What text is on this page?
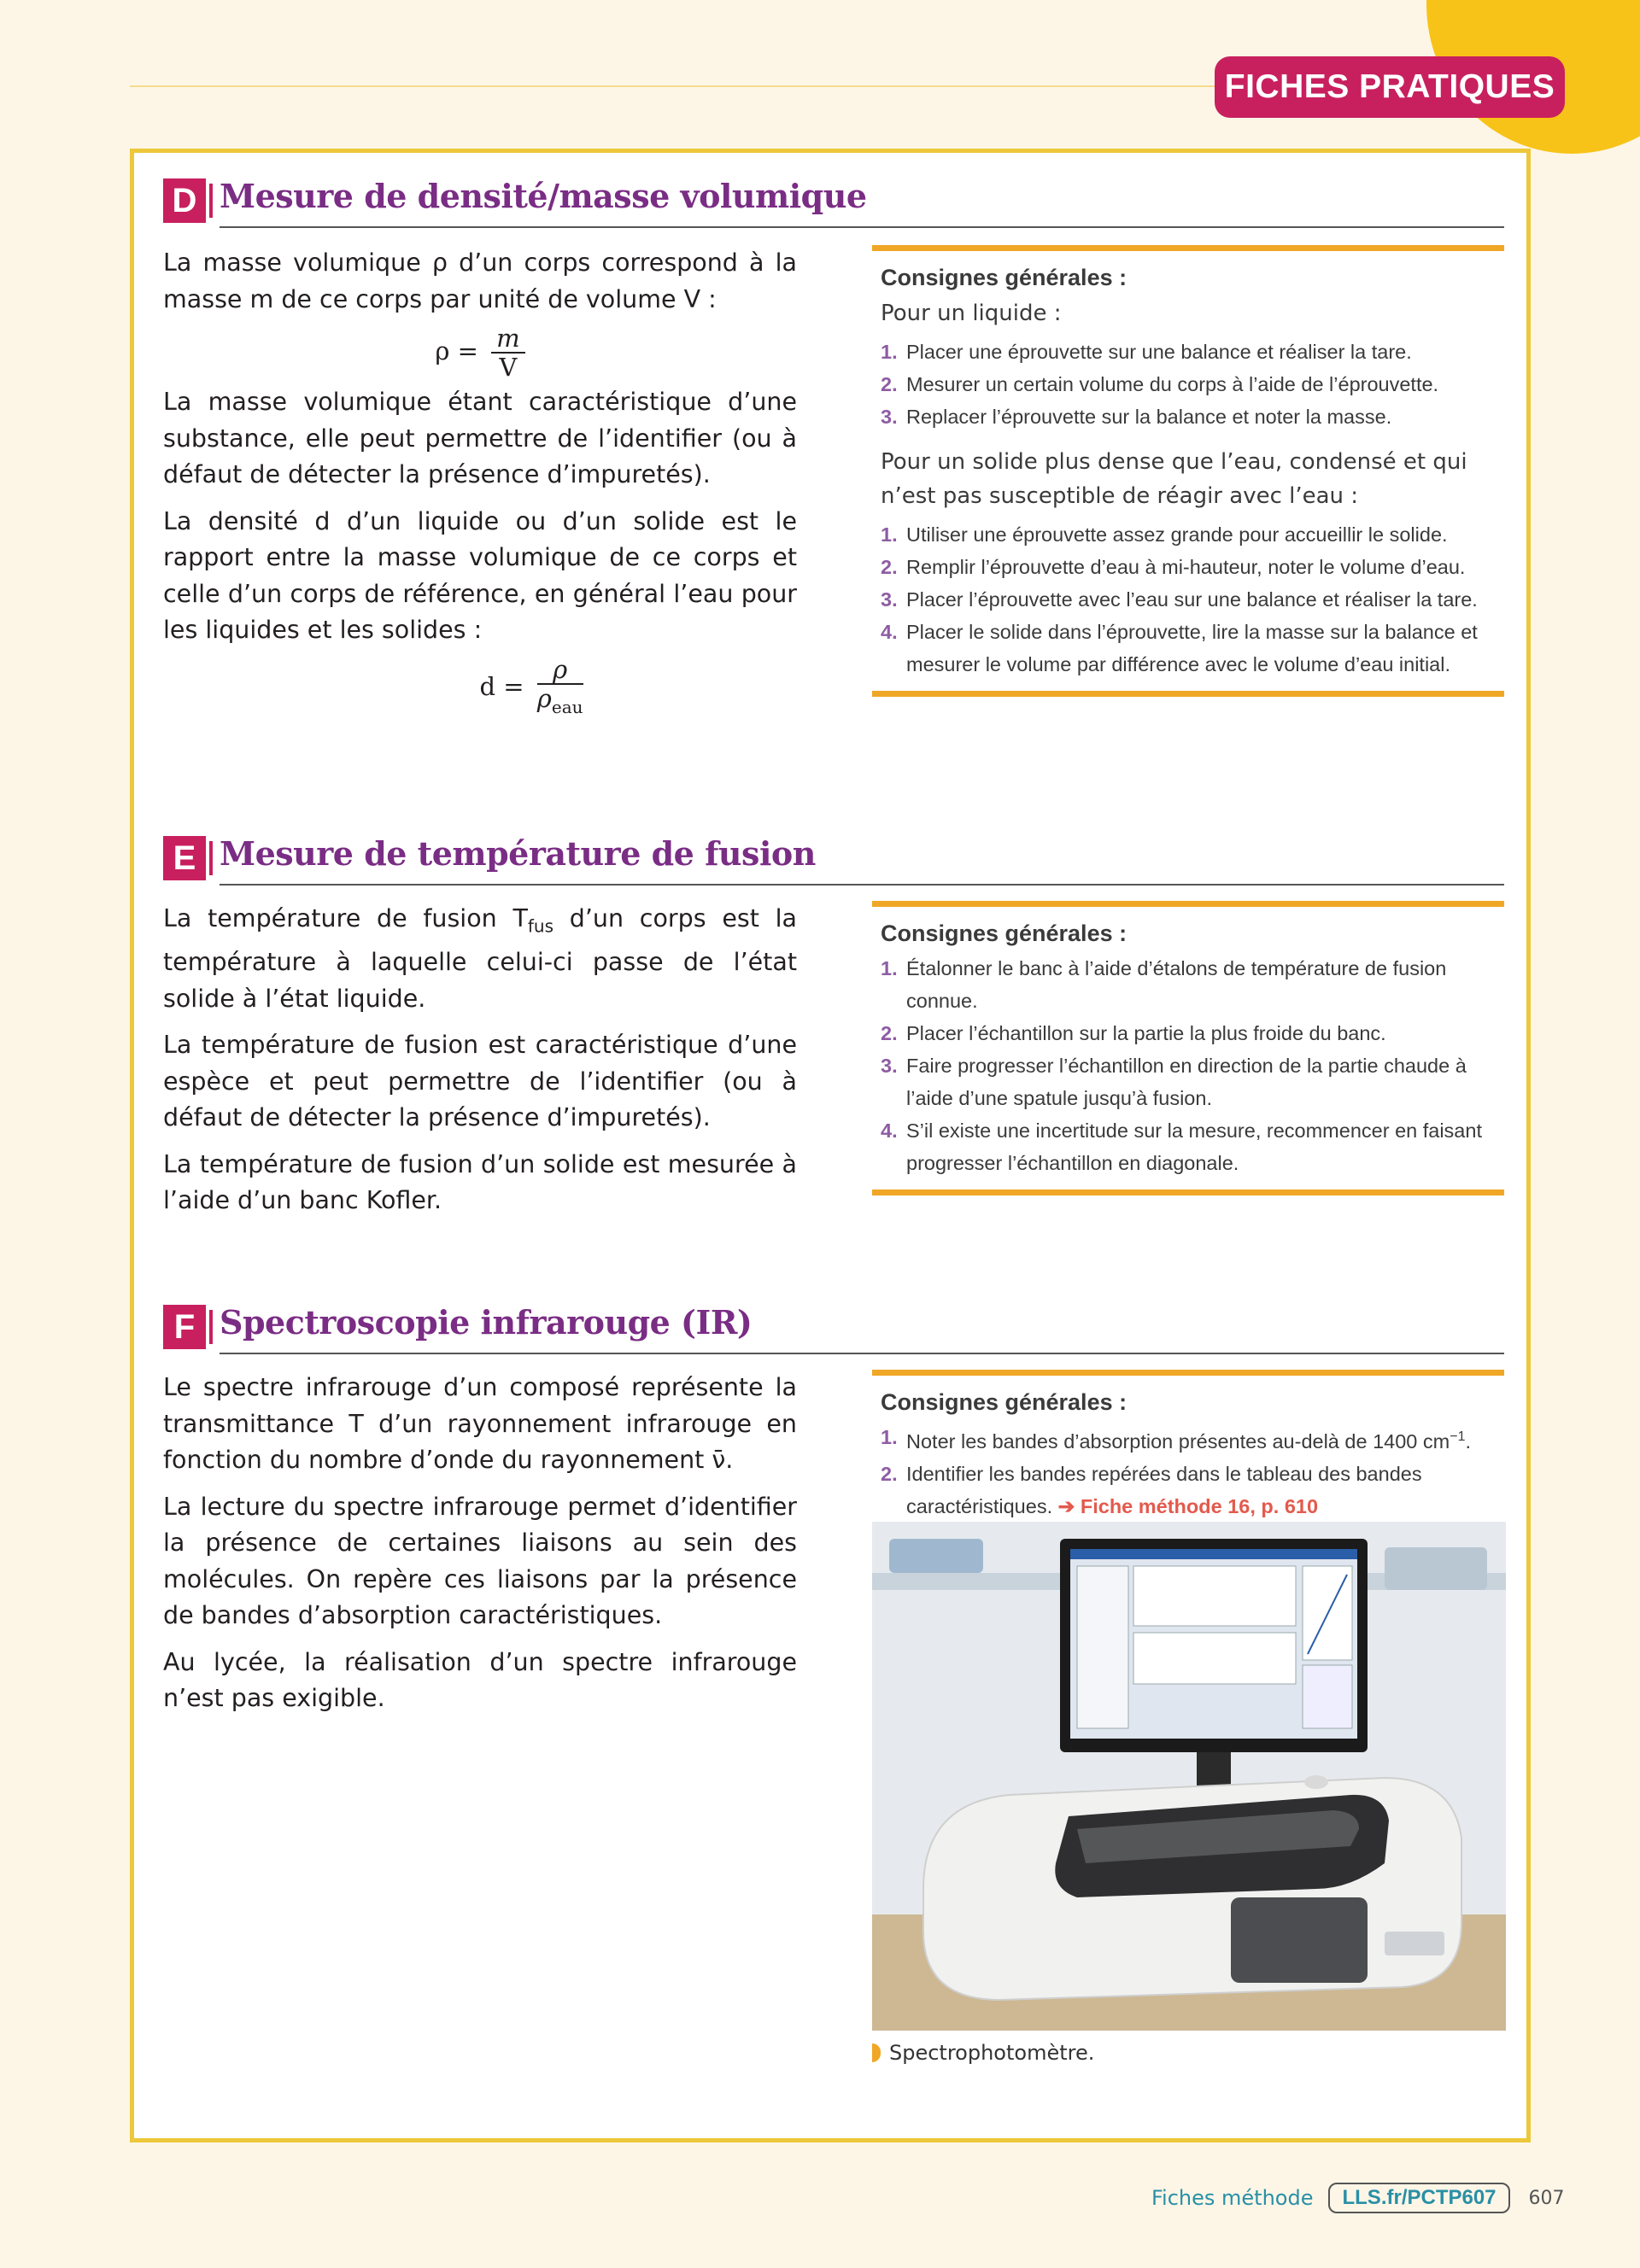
FICHES PRATIQUES
D Mesure de densité/masse volumique

La masse volumique ρ d’un corps correspond à la masse m de ce corps par unité de volume V :

$\rho = \frac{m}{V}$

La masse volumique étant caractéristique d’une substance, elle peut permettre de l’identifier (ou à défaut de détecter la présence d’impuretés).

La densité d d’un liquide ou d’un solide est le rapport entre la masse volumique de ce corps et celle d’un corps de référence, en général l’eau pour les liquides et les solides :

$d = \frac{\rho}{\rho_{eau}}$
Consignes générales :
Pour un liquide :
1. Placer une éprouvette sur une balance et réaliser la tare.
2. Mesurer un certain volume du corps à l’aide de l’éprouvette.
3. Replacer l’éprouvette sur la balance et noter la masse.
Pour un solide plus dense que l’eau, condensé et qui n’est pas susceptible de réagir avec l’eau :
1. Utiliser une éprouvette assez grande pour accueillir le solide.
2. Remplir l’éprouvette d’eau à mi-hauteur, noter le volume d’eau.
3. Placer l’éprouvette avec l’eau sur une balance et réaliser la tare.
4. Placer le solide dans l’éprouvette, lire la masse sur la balance et mesurer le volume par différence avec le volume d’eau initial.
E Mesure de température de fusion

La température de fusion $T_{fus}$ d’un corps est la température à laquelle celui-ci passe de l’état solide à l’état liquide.

La température de fusion est caractéristique d’une espèce et peut permettre de l’identifier (ou à défaut de détecter la présence d’impuretés).

La température de fusion d’un solide est mesurée à l’aide d’un banc Kofler.

Consignes générales :
1. Étalonner le banc à l’aide d’étalons de température de fusion connue.
2. Placer l’échantillon sur la partie la plus froide du banc.
3. Faire progresser l’échantillon en direction de la partie chaude à l’aide d’une spatule jusqu’à fusion.
4. S’il existe une incertitude sur la mesure, recommencer en faisant progresser l’échantillon en diagonale.
F Spectroscopie infrarouge (IR)

Le spectre infrarouge d’un composé représente la transmittance T d’un rayonnement infrarouge en fonction du nombre d’onde du rayonnement ν̄.

La lecture du spectre infrarouge permet d’identifier la présence de certaines liaisons au sein des molécules. On repère ces liaisons par la présence de bandes d’absorption caractéristiques.

Au lycée, la réalisation d’un spectre infrarouge n’est pas exigible.

Consignes générales :
1. Noter les bandes d’absorption présentes au-delà de 1400 $cm^{-1}$.
2. Identifier les bandes repérées dans le tableau des bandes caractéristiques. ➔ Fiche méthode 16, p. 610
Spectrophotomètre.
Fiches méthode	LLS.fr/PCTP607	607
